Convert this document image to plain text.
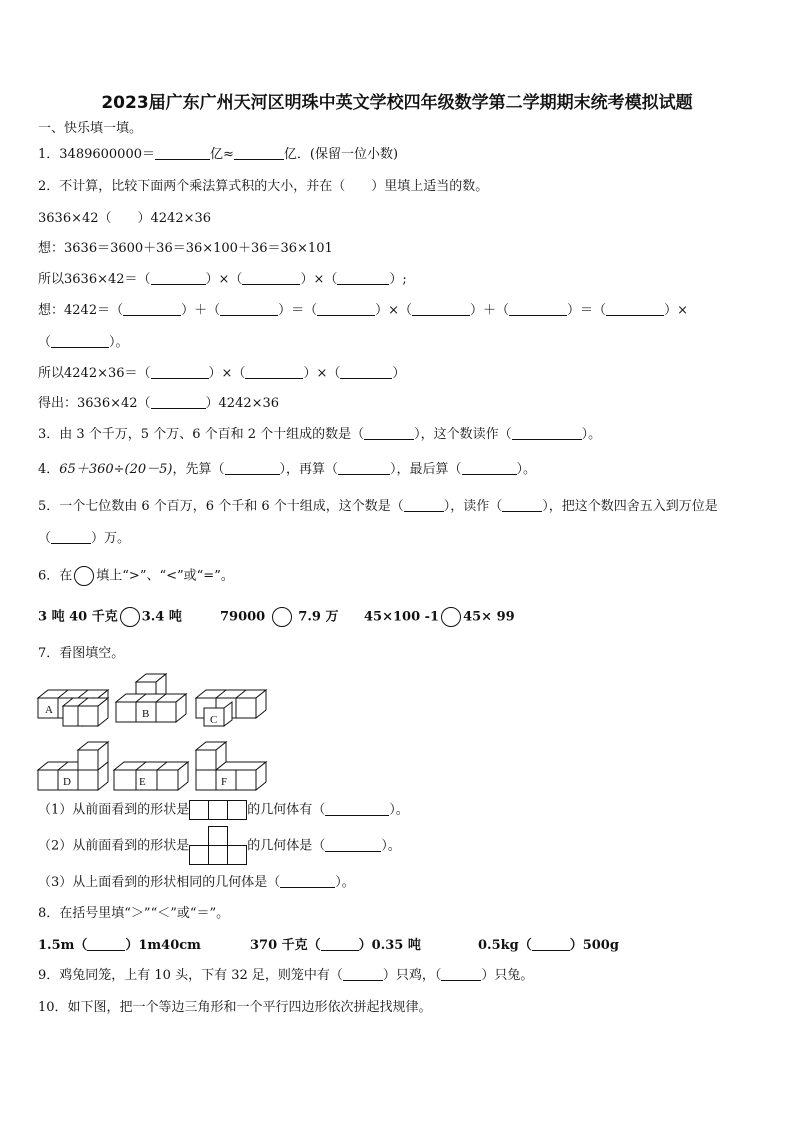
2023届广东广州天河区明珠中英文学校四年级数学第二学期期末统考模拟试题
一、快乐填一填。
1．3489600000＝	亿≈	亿．(保留一位小数)
2．不计算，比较下面两个乘法算式积的大小，并在（　　）里填上适当的数。
3636×42（　　）4242×36
想：3636＝3600＋36＝36×100＋36＝36×101
所以3636×42＝（	）×（	）×（	）;
想：4242＝（	）＋（	）＝（	）×（	）＋（	）＝（	）×
（	）。
所以4242×36＝（	）×（	）×（	）
得出：3636×42（	）4242×36
3．由 3 个千万，5 个万、6 个百和 2 个十组成的数是（	），这个数读作（	）。
4．65＋360÷(20－5)，先算（	），再算（	），最后算（	）。
5．一个七位数由 6 个百万，6 个千和 6 个十组成，这个数是（	），读作（	），把这个数四舍五入到万位是
（	）万。
6．在 填上“>”、“<”或“=”。
3 吨 40 千克 3.4 吨	79000	7.9 万 45×100 -1 45× 99
7．看图填空。
A	B	C
D	E	F
（1）从前面看到的形状是	的几何体有（	）。
（2）从前面看到的形状是	的几何体是（	）。
（3）从上面看到的形状相同的几何体是（	）。
8．在括号里填“＞”“＜”或“＝”。
1.5m（	）1m40cm	370 千克（	）0.35 吨	0.5kg（	）500g
9．鸡兔同笼，上有 10 头，下有 32 足，则笼中有（	）只鸡，（	）只兔。
10．如下图，把一个等边三角形和一个平行四边形依次拼起找规律。
